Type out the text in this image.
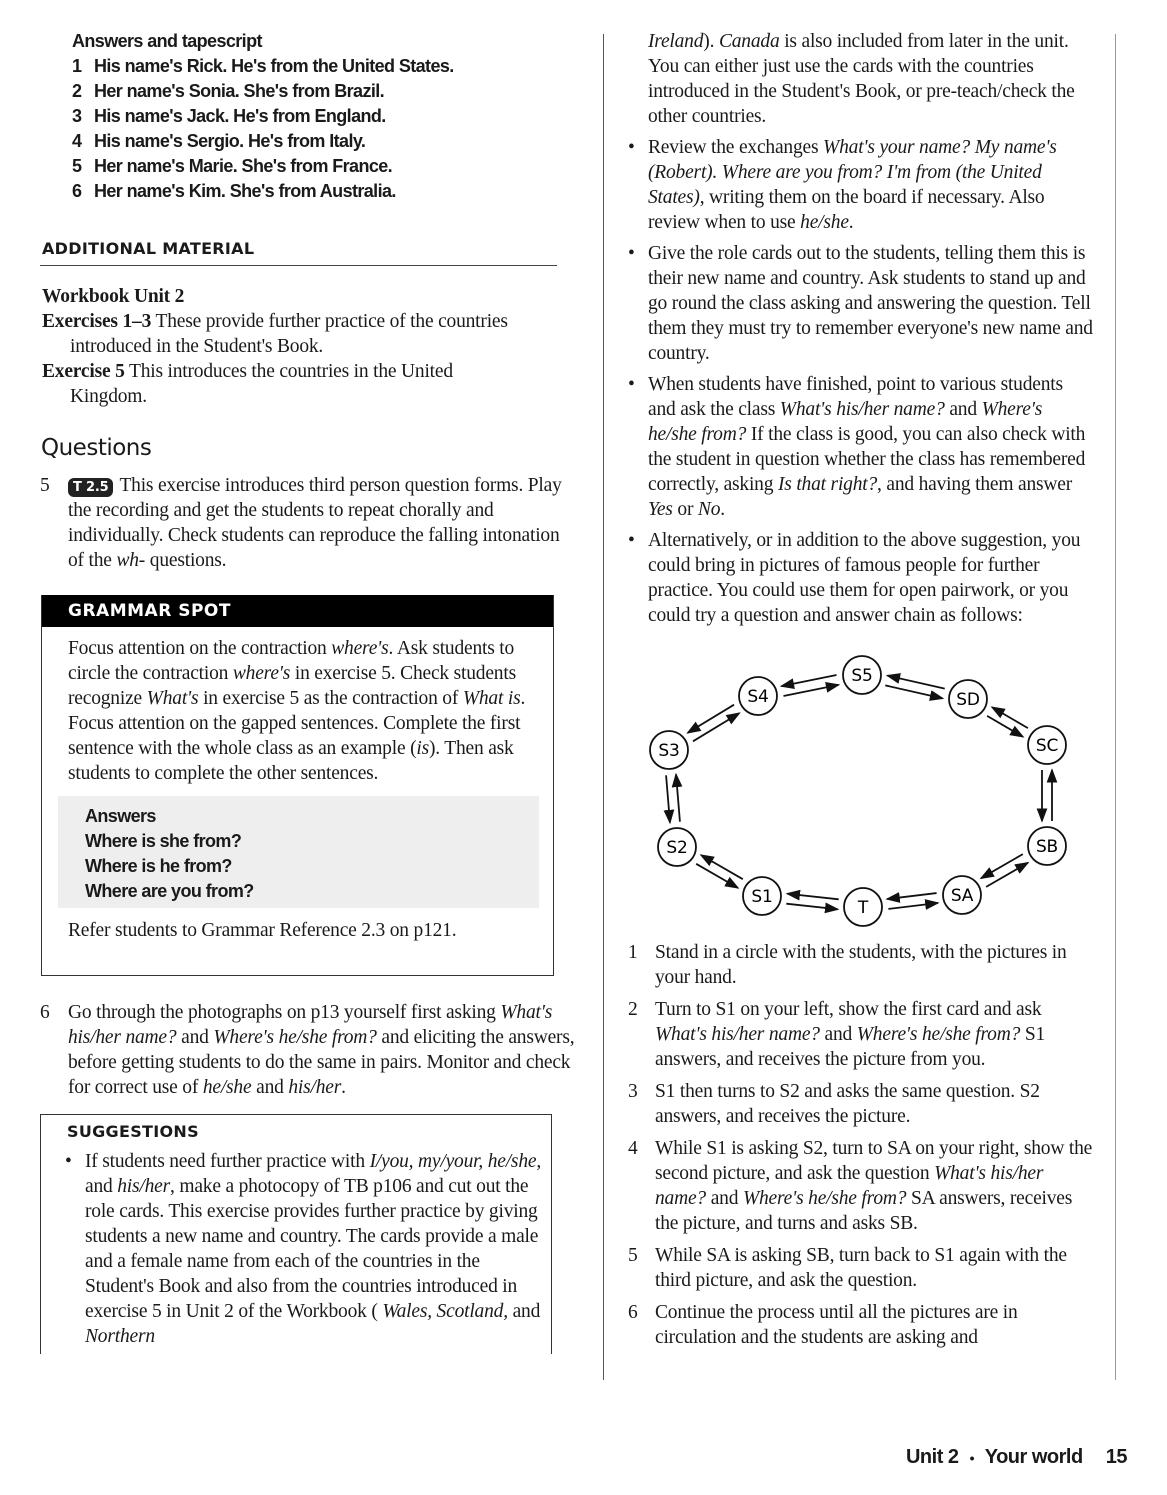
Answers and tapescript
1 His name's Rick. He's from the United States.
2 Her name's Sonia. She's from Brazil.
3 His name's Jack. He's from England.
4 His name's Sergio. He's from Italy.
5 Her name's Marie. She's from France.
6 Her name's Kim. She's from Australia.
ADDITIONAL MATERIAL
Workbook Unit 2

Exercises 1–3 These provide further practice of the countries introduced in the Student's Book.

Exercise 5 This introduces the countries in the United Kingdom.

Questions

5 T 2.5 This exercise introduces third person question forms. Play the recording and get the students to repeat chorally and individually. Check students can reproduce the falling intonation of the wh- questions.

GRAMMAR SPOT

Focus attention on the contraction where's. Ask students to circle the contraction where's in exercise 5. Check students recognize What's in exercise 5 as the contraction of What is.

Focus attention on the gapped sentences. Complete the first sentence with the whole class as an example (is). Then ask students to complete the other sentences.

Answers
Where is she from?
Where is he from?
Where are you from?
Refer students to Grammar Reference 2.3 on p121.

6 Go through the photographs on p13 yourself first asking What's his/her name? and Where's he/she from? and eliciting the answers, before getting students to do the same in pairs. Monitor and check for correct use of he/she and his/her.

SUGGESTIONS

• If students need further practice with I/you, my/your, he/she, and his/her, make a photocopy of TB p106 and cut out the role cards. This exercise provides further practice by giving students a new name and country. The cards provide a male and a female name from each of the countries in the Student's Book and also from the countries introduced in exercise 5 in Unit 2 of the Workbook ( Wales, Scotland, and Northern

Ireland). Canada is also included from later in the unit. You can either just use the cards with the countries introduced in the Student's Book, or pre-teach/check the other countries.

• Review the exchanges What's your name? My name's (Robert). Where are you from? I'm from (the United States), writing them on the board if necessary. Also review when to use he/she.

• Give the role cards out to the students, telling them this is their new name and country. Ask students to stand up and go round the class asking and answering the question. Tell them they must try to remember everyone's new name and country.

• When students have finished, point to various students and ask the class What's his/her name? and Where's he/she from? If the class is good, you can also check with the student in question whether the class has remembered correctly, asking Is that right?, and having them answer Yes or No.

• Alternatively, or in addition to the above suggestion, you could bring in pictures of famous people for further practice. You could use them for open pairwork, or you could try a question and answer chain as follows:

S5
S4	SD
S3	SC
S2	SB
S1
T
SA

1 Stand in a circle with the students, with the pictures in your hand.

2 Turn to S1 on your left, show the first card and ask What's his/her name? and Where's he/she from? S1 answers, and receives the picture from you.

3 S1 then turns to S2 and asks the same question. S2 answers, and receives the picture.

4 While S1 is asking S2, turn to SA on your right, show the second picture, and ask the question What's his/her name? and Where's he/she from? SA answers, receives the picture, and turns and asks SB.

5 While SA is asking SB, turn back to S1 again with the third picture, and ask the question.

6 Continue the process until all the pictures are in circulation and the students are asking and

Unit 2 • Your world 15
